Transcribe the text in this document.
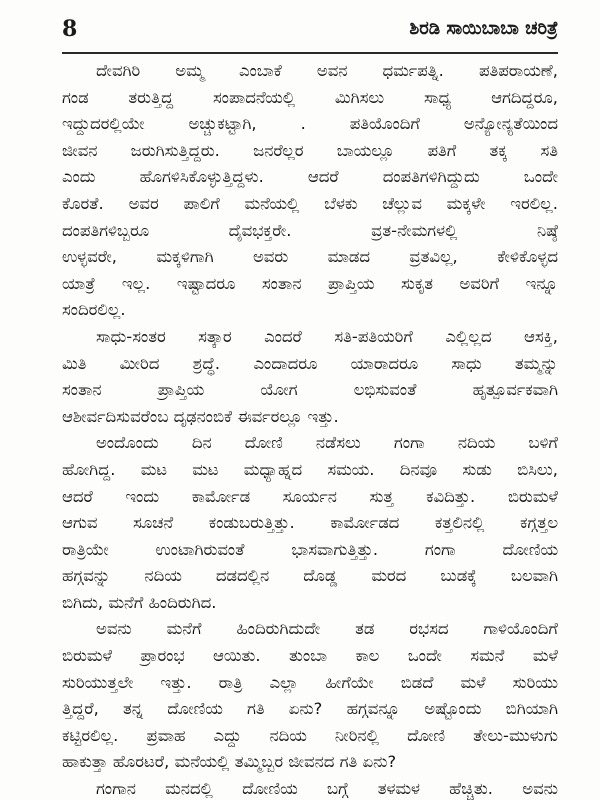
8	ಶಿರಡಿ ಸಾಯಿಬಾಬಾ ಚರಿತ್ರೆ
ದೇವಗಿರಿ ಅಮ್ಮ ಎಂಬಾಕೆ ಅವನ ಧರ್ಮಪತ್ನಿ. ಪತಿಪರಾಯಣೆ,
ಗಂಡ ತರುತ್ತಿದ್ದ ಸಂಪಾದನೆಯಲ್ಲಿ ಮಿಗಿಸಲು ಸಾಧ್ಯ ಆಗದಿದ್ದರೂ,
ಇದ್ದುದರಲ್ಲಿಯೇ ಅಚ್ಚುಕಟ್ಟಾಗಿ, . ಪತಿಯೊಂದಿಗೆ ಅನ್ಯೋನ್ಯತೆಯಿಂದ
ಜೀವನ ಜರುಗಿಸುತ್ತಿದ್ದರು. ಜನರೆಲ್ಲರ ಬಾಯಲ್ಲೂ ಪತಿಗೆ ತಕ್ಕ ಸತಿ
ಎಂದು ಹೊಗಳಿಸಿಕೊಳ್ಳುತ್ತಿದ್ದಳು. ಆದರೆ ದಂಪತಿಗಳಿಗಿದ್ದುದು ಒಂದೇ
ಕೊರತೆ. ಅವರ ಪಾಲಿಗೆ ಮನೆಯಲ್ಲಿ ಬೆಳಕು ಚೆಲ್ಲುವ ಮಕ್ಕಳೇ ಇರಲಿಲ್ಲ.
ದಂಪತಿಗಳಿಬ್ಬರೂ ದೈವಭಕ್ತರೇ. ವ್ರತ-ನೇಮಗಳಲ್ಲಿ ನಿಷ್ಠೆ
ಉಳ್ಳವರೇ, ಮಕ್ಕಳಿಗಾಗಿ ಅವರು ಮಾಡದ ವ್ರತವಿಲ್ಲ, ಕೇಳಿಕೊಳ್ಳದ
ಯಾತ್ರೆ ಇಲ್ಲ. ಇಷ್ಟಾದರೂ ಸಂತಾನ ಪ್ರಾಪ್ತಿಯ ಸುಕೃತ ಅವರಿಗೆ ಇನ್ನೂ
ಸಂದಿರಲಿಲ್ಲ.
ಸಾಧು-ಸಂತರ ಸತ್ಕಾರ ಎಂದರೆ ಸತಿ-ಪತಿಯರಿಗೆ ಎಲ್ಲಿಲ್ಲದ ಆಸಕ್ತಿ,
ಮಿತಿ ಮೀರಿದ ಶ್ರದ್ಧೆ. ಎಂದಾದರೂ ಯಾರಾದರೂ ಸಾಧು ತಮ್ಮನ್ನು
ಸಂತಾನ ಪ್ರಾಪ್ತಿಯ ಯೋಗ ಲಭಿಸುವಂತೆ ಹೃತ್ಪೂರ್ವಕವಾಗಿ
ಆಶೀರ್ವದಿಸುವರೆಂಬ ದೃಢನಂಬಿಕೆ ಈರ್ವರಲ್ಲೂ ಇತ್ತು.
ಅಂದೊಂದು ದಿನ ದೋಣಿ ನಡೆಸಲು ಗಂಗಾ ನದಿಯ ಬಳಿಗೆ
ಹೋಗಿದ್ದ. ಮಟ ಮಟ ಮಧ್ಯಾಹ್ನದ ಸಮಯ. ದಿನವೂ ಸುಡು ಬಿಸಿಲು,
ಆದರೆ ಇಂದು ಕಾರ್ಮೋಡ ಸೂರ್ಯನ ಸುತ್ತ ಕವಿದಿತ್ತು. ಬಿರುಮಳೆ
ಆಗುವ ಸೂಚನೆ ಕಂಡುಬರುತ್ತಿತ್ತು. ಕಾರ್ಮೋಡದ ಕತ್ತಲಿನಲ್ಲಿ ಕಗ್ಗತ್ತಲ
ರಾತ್ರಿಯೇ ಉಂಟಾಗಿರುವಂತೆ ಭಾಸವಾಗುತ್ತಿತ್ತು. ಗಂಗಾ ದೋಣಿಯ
ಹಗ್ಗವನ್ನು ನದಿಯ ದಡದಲ್ಲಿನ ದೊಡ್ಡ ಮರದ ಬುಡಕ್ಕೆ ಬಲವಾಗಿ
ಬಿಗಿದು, ಮನೆಗೆ ಹಿಂದಿರುಗಿದ.
ಅವನು ಮನೆಗೆ ಹಿಂದಿರುಗಿದುದೇ ತಡ ರಭಸದ ಗಾಳಿಯೊಂದಿಗೆ
ಬಿರುಮಳೆ ಪ್ರಾರಂಭ ಆಯಿತು. ತುಂಬಾ ಕಾಲ ಒಂದೇ ಸಮನೆ ಮಳೆ
ಸುರಿಯುತ್ತಲೇ ಇತ್ತು. ರಾತ್ರಿ ಎಲ್ಲಾ ಹೀಗೆಯೇ ಬಿಡದೆ ಮಳೆ ಸುರಿಯು
ತ್ತಿದ್ದರೆ, ತನ್ನ ದೋಣಿಯ ಗತಿ ಏನು? ಹಗ್ಗವನ್ನೂ ಅಷ್ಟೊಂದು ಬಿಗಿಯಾಗಿ
ಕಟ್ಟಿರಲಿಲ್ಲ. ಪ್ರವಾಹ ಎದ್ದು ನದಿಯ ನೀರಿನಲ್ಲಿ ದೋಣಿ ತೇಲು-ಮುಳುಗು
ಹಾಕುತ್ತಾ ಹೊರಟರೆ, ಮನೆಯಲ್ಲಿ ತಮ್ಮಿಬ್ಬರ ಜೀವನದ ಗತಿ ಏನು?
ಗಂಗಾನ ಮನದಲ್ಲಿ ದೋಣಿಯ ಬಗ್ಗೆ ತಳಮಳ ಹೆಚ್ಚಿತು. ಅವನು
